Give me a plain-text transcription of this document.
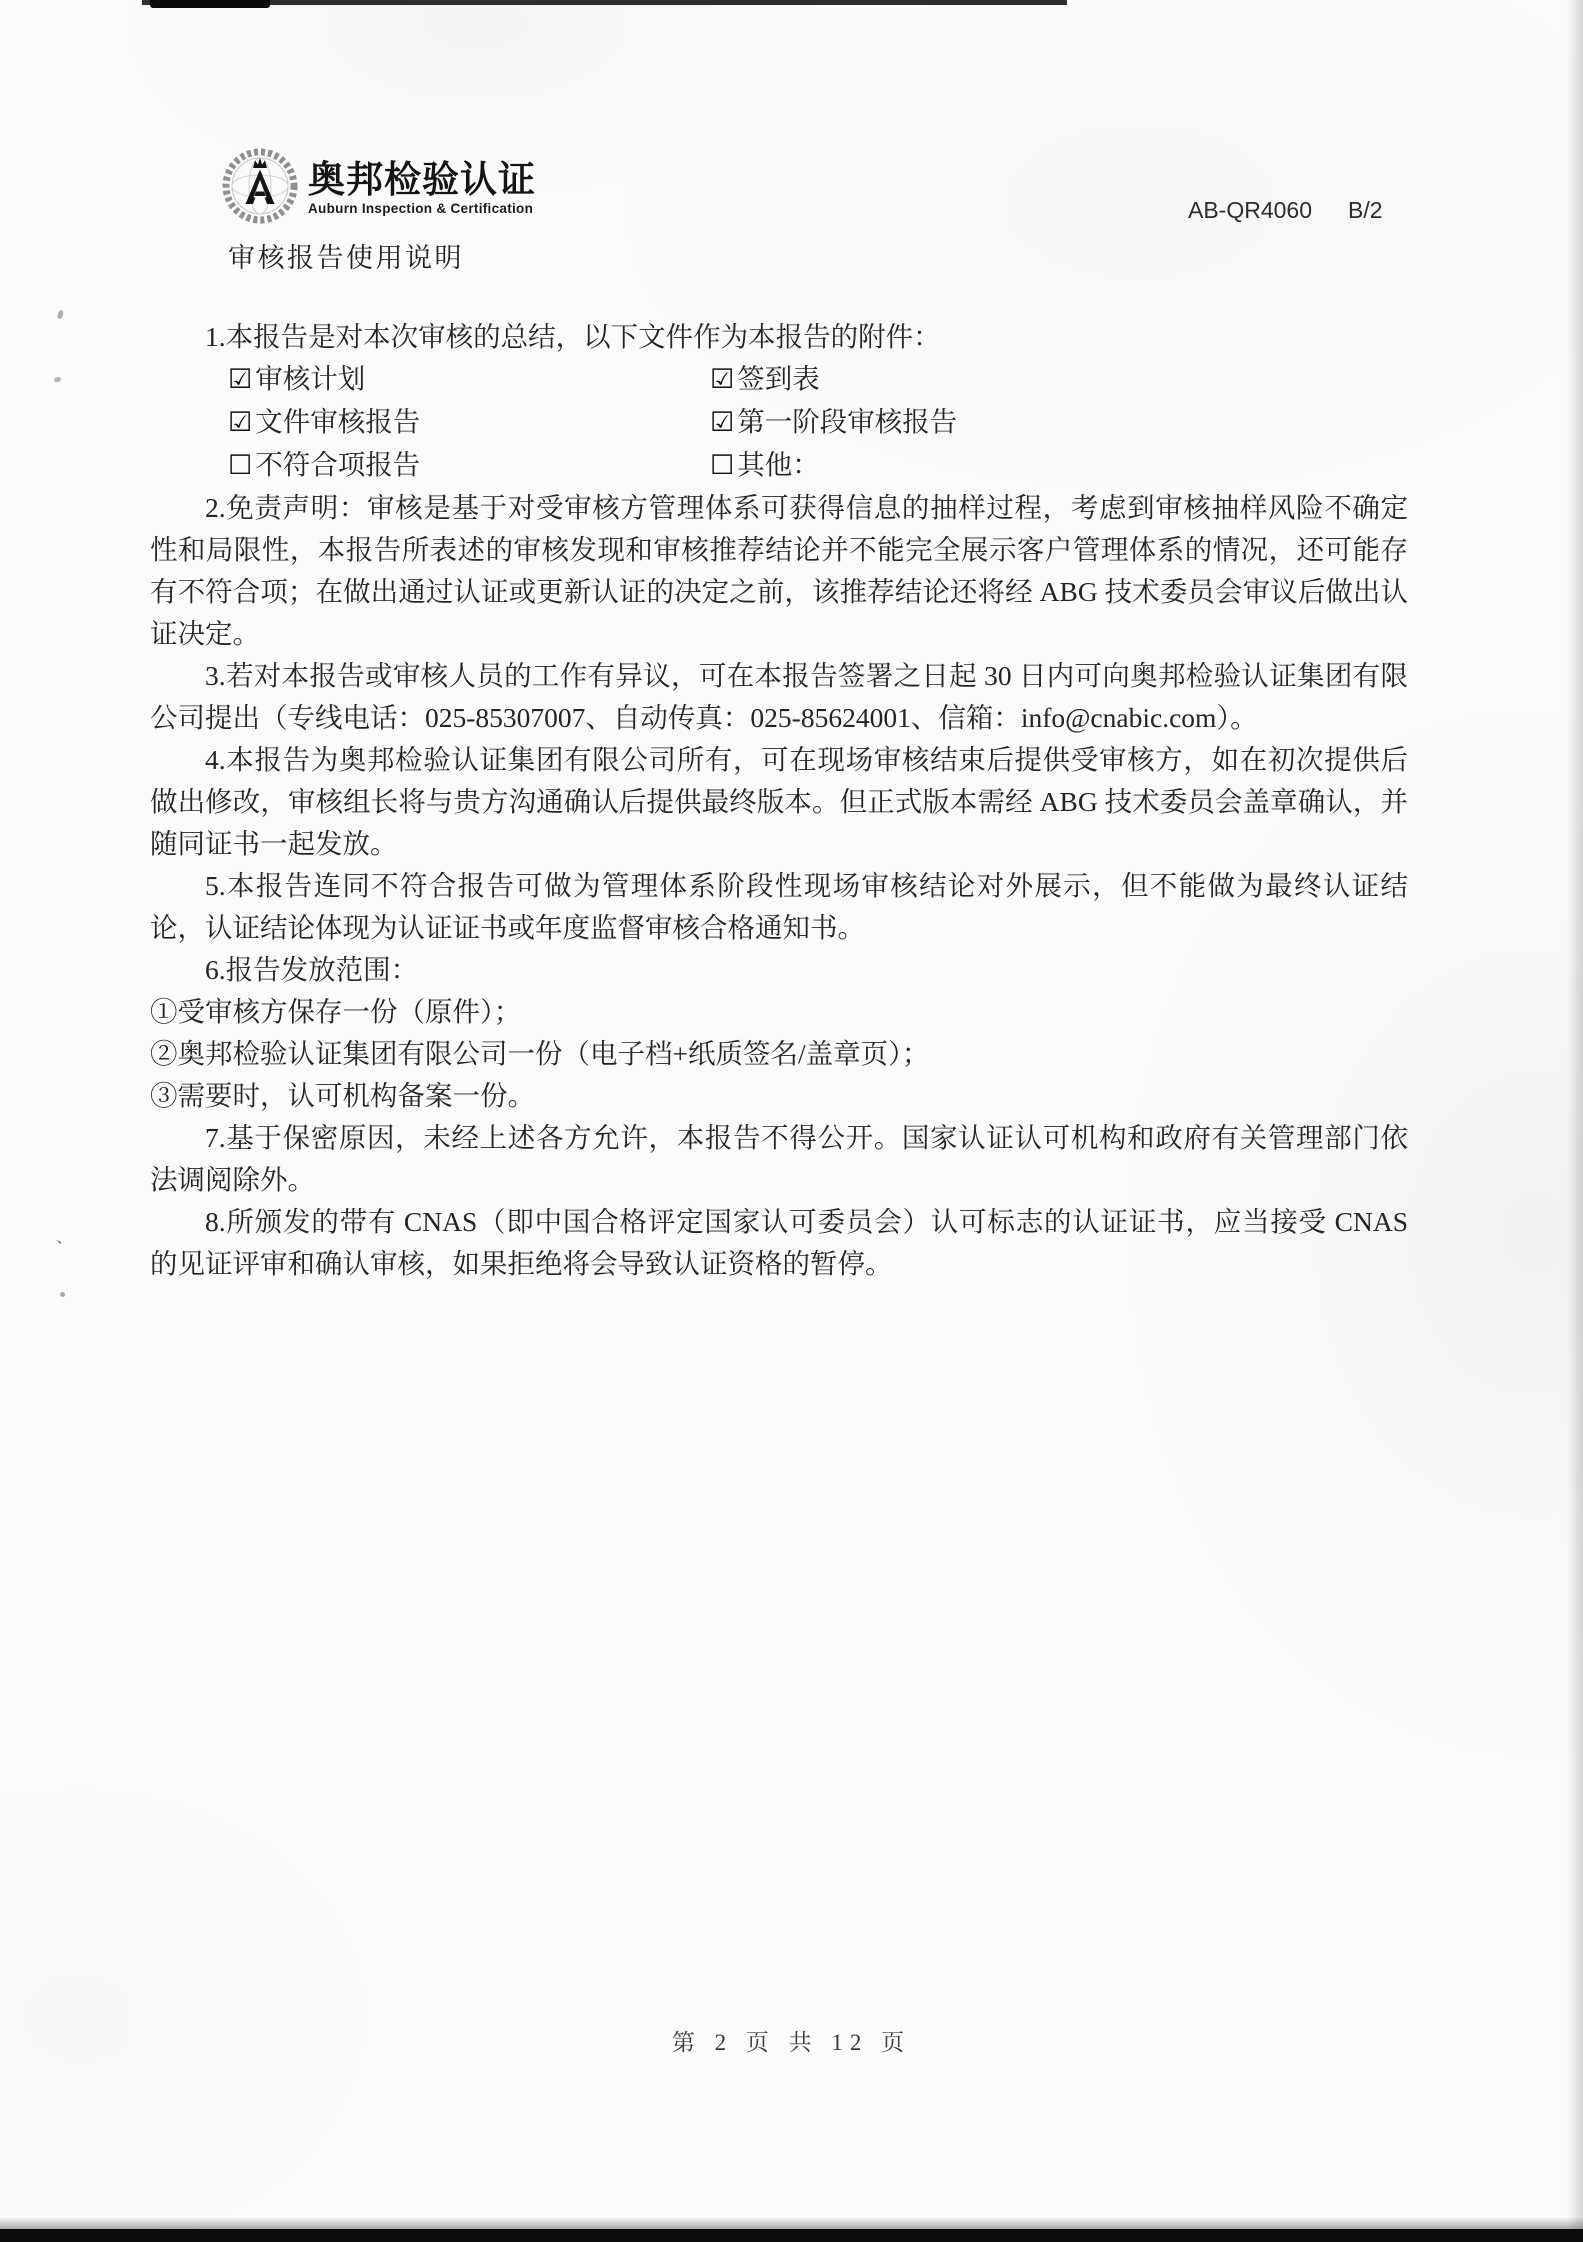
、
奥邦检验认证
Auburn Inspection & Certification	AB-QR4060 B/2
审核报告使用说明

1.本报告是对本次审核的总结，以下文件作为本报告的附件：

☑ 审核计划	☑ 签到表
☑ 文件审核报告	☑ 第一阶段审核报告
☐ 不符合项报告	☐ 其他：

2.免责声明：审核是基于对受审核方管理体系可获得信息的抽样过程，考虑到审核抽样风险不确定性和局限性，本报告所表述的审核发现和审核推荐结论并不能完全展示客户管理体系的情况，还可能存有不符合项；在做出通过认证或更新认证的决定之前，该推荐结论还将经 ABG 技术委员会审议后做出认证决定。

3.若对本报告或审核人员的工作有异议，可在本报告签署之日起 30 日内可向奥邦检验认证集团有限公司提出（专线电话：025-85307007、自动传真：025-85624001、信箱：info@cnabic.com）。

4.本报告为奥邦检验认证集团有限公司所有，可在现场审核结束后提供受审核方，如在初次提供后做出修改，审核组长将与贵方沟通确认后提供最终版本。但正式版本需经 ABG 技术委员会盖章确认，并随同证书一起发放。

5.本报告连同不符合报告可做为管理体系阶段性现场审核结论对外展示，但不能做为最终认证结论，认证结论体现为认证证书或年度监督审核合格通知书。

6.报告发放范围：

①受审核方保存一份（原件）；

②奥邦检验认证集团有限公司一份（电子档+纸质签名/盖章页）；

③需要时，认可机构备案一份。

7.基于保密原因，未经上述各方允许，本报告不得公开。国家认证认可机构和政府有关管理部门依法调阅除外。

8.所颁发的带有 CNAS（即中国合格评定国家认可委员会）认可标志的认证证书，应当接受 CNAS 的见证评审和确认审核，如果拒绝将会导致认证资格的暂停。

第 2 页 共 12 页
